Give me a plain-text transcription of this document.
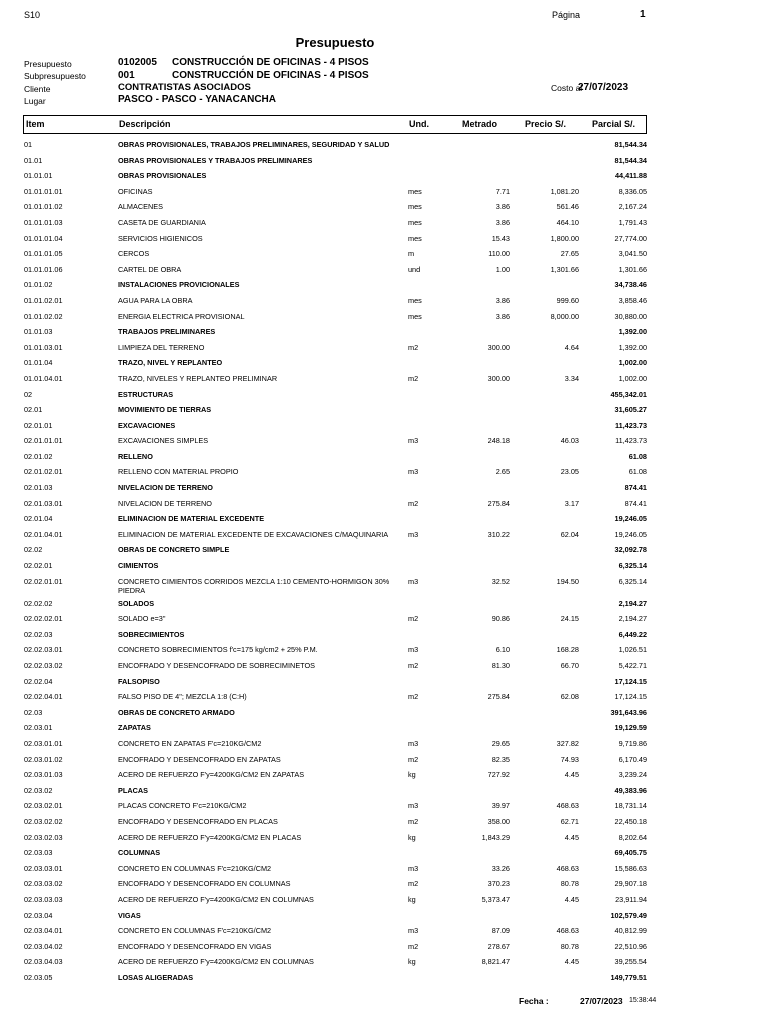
S10	Página	1
Presupuesto
Presupuesto	0102005 CONSTRUCCIÓN DE OFICINAS - 4 PISOS
Subpresupuesto	001	CONSTRUCCIÓN DE OFICINAS - 4 PISOS
Cliente	CONTRATISTAS ASOCIADOS
Lugar	PASCO - PASCO - YANACANCHA
Costo al
27/07/2023
Item	Descripción	Und.	Metrado	Precio S/.	Parcial S/.
01	OBRAS PROVISIONALES, TRABAJOS PRELIMINARES, SEGURIDAD Y SALUD	81,544.34
01.01	OBRAS PROVISIONALES Y TRABAJOS PRELIMINARES	81,544.34
01.01.01	OBRAS PROVISIONALES	44,411.88
01.01.01.01	OFICINAS	mes	7.71	1,081.20	8,336.05
01.01.01.02	ALMACENES	mes	3.86	561.46	2,167.24
01.01.01.03	CASETA DE GUARDIANIA	mes	3.86	464.10	1,791.43
01.01.01.04	SERVICIOS HIGIENICOS	mes	15.43	1,800.00	27,774.00
01.01.01.05	CERCOS	m	110.00	27.65	3,041.50
01.01.01.06	CARTEL DE OBRA	und	1.00	1,301.66	1,301.66
01.01.02	INSTALACIONES PROVICIONALES	34,738.46
01.01.02.01	AGUA PARA LA OBRA	mes	3.86	999.60	3,858.46
01.01.02.02	ENERGIA ELECTRICA PROVISIONAL	mes	3.86	8,000.00	30,880.00
01.01.03	TRABAJOS PRELIMINARES	1,392.00
01.01.03.01	LIMPIEZA DEL TERRENO	m2	300.00	4.64	1,392.00
01.01.04	TRAZO, NIVEL Y REPLANTEO	1,002.00
01.01.04.01	TRAZO, NIVELES Y REPLANTEO PRELIMINAR	m2	300.00	3.34	1,002.00
02	ESTRUCTURAS	455,342.01
02.01	MOVIMIENTO DE TIERRAS	31,605.27
02.01.01	EXCAVACIONES	11,423.73
02.01.01.01	EXCAVACIONES SIMPLES	m3	248.18	46.03	11,423.73
02.01.02	RELLENO	61.08
02.01.02.01	RELLENO CON MATERIAL PROPIO	m3	2.65	23.05	61.08
02.01.03	NIVELACION DE TERRENO	874.41
02.01.03.01	NIVELACION DE TERRENO	m2	275.84	3.17	874.41
02.01.04	ELIMINACION DE MATERIAL EXCEDENTE	19,246.05
02.01.04.01	ELIMINACION DE MATERIAL EXCEDENTE DE EXCAVACIONES C/MAQUINARIA	m3	310.22	62.04	19,246.05
02.02	OBRAS DE CONCRETO SIMPLE	32,092.78
02.02.01	CIMIENTOS	6,325.14
02.02.01.01	CONCRETO CIMIENTOS CORRIDOS MEZCLA 1:10 CEMENTO-HORMIGON 30% PIEDRA
m3	32.52	194.50	6,325.14
02.02.02	SOLADOS	2,194.27
02.02.02.01	SOLADO e=3"	m2	90.86	24.15	2,194.27
02.02.03	SOBRECIMIENTOS	6,449.22
02.02.03.01	CONCRETO SOBRECIMIENTOS f'c=175 kg/cm2 + 25% P.M.	m3	6.10	168.28	1,026.51
02.02.03.02	ENCOFRADO Y DESENCOFRADO DE SOBRECIMINETOS	m2	81.30	66.70	5,422.71
02.02.04	FALSOPISO	17,124.15
02.02.04.01	FALSO PISO DE 4"; MEZCLA 1:8 (C:H)	m2	275.84	62.08	17,124.15
02.03	OBRAS DE CONCRETO ARMADO	391,643.96
02.03.01	ZAPATAS	19,129.59
02.03.01.01	CONCRETO EN ZAPATAS F'c=210KG/CM2	m3	29.65	327.82	9,719.86
02.03.01.02	ENCOFRADO Y DESENCOFRADO EN ZAPATAS	m2	82.35	74.93	6,170.49
02.03.01.03	ACERO DE REFUERZO F'y=4200KG/CM2 EN ZAPATAS	kg	727.92	4.45	3,239.24
02.03.02	PLACAS	49,383.96
02.03.02.01	PLACAS CONCRETO F'c=210KG/CM2	m3	39.97	468.63	18,731.14
02.03.02.02	ENCOFRADO Y DESENCOFRADO EN PLACAS	m2	358.00	62.71	22,450.18
02.03.02.03	ACERO DE REFUERZO F'y=4200KG/CM2 EN PLACAS	kg	1,843.29	4.45	8,202.64
02.03.03	COLUMNAS	69,405.75
02.03.03.01	CONCRETO EN COLUMNAS F'c=210KG/CM2	m3	33.26	468.63	15,586.63
02.03.03.02	ENCOFRADO Y DESENCOFRADO EN COLUMNAS	m2	370.23	80.78	29,907.18
02.03.03.03	ACERO DE REFUERZO F'y=4200KG/CM2 EN COLUMNAS	kg	5,373.47	4.45	23,911.94
02.03.04	VIGAS	102,579.49
02.03.04.01	CONCRETO EN COLUMNAS F'c=210KG/CM2	m3	87.09	468.63	40,812.99
02.03.04.02	ENCOFRADO Y DESENCOFRADO EN VIGAS	m2	278.67	80.78	22,510.96
02.03.04.03	ACERO DE REFUERZO F'y=4200KG/CM2 EN COLUMNAS	kg	8,821.47	4.45	39,255.54
02.03.05	LOSAS ALIGERADAS	149,779.51
Fecha :	27/07/2023 15:38:44
